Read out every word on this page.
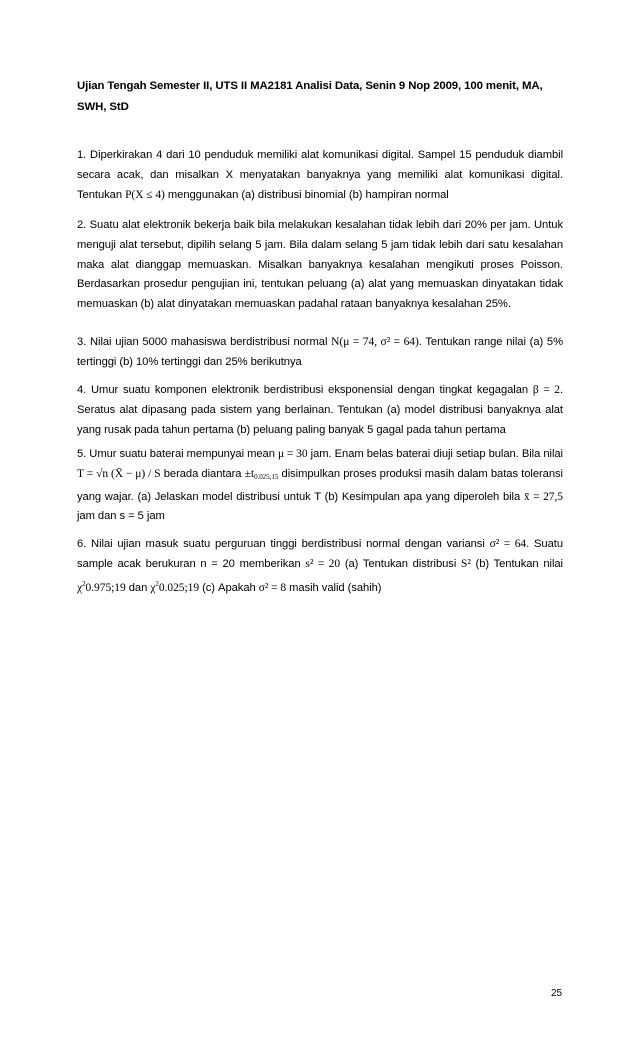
Ujian Tengah Semester II, UTS II MA2181 Analisi Data, Senin 9 Nop 2009, 100 menit, MA, SWH, StD
1. Diperkirakan 4 dari 10 penduduk memiliki alat komunikasi digital. Sampel 15 penduduk diambil secara acak, dan misalkan X menyatakan banyaknya yang memiliki alat komunikasi digital. Tentukan P(X ≤ 4) menggunakan (a) distribusi binomial (b) hampiran normal
2. Suatu alat elektronik bekerja baik bila melakukan kesalahan tidak lebih dari 20% per jam. Untuk menguji alat tersebut, dipilih selang 5 jam. Bila dalam selang 5 jam tidak lebih dari satu kesalahan maka alat dianggap memuaskan. Misalkan banyaknya kesalahan mengikuti proses Poisson. Berdasarkan prosedur pengujian ini, tentukan peluang (a) alat yang memuaskan dinyatakan tidak memuaskan (b) alat dinyatakan memuaskan padahal rataan banyaknya kesalahan 25%.
3. Nilai ujian 5000 mahasiswa berdistribusi normal N(μ = 74, σ² = 64). Tentukan range nilai (a) 5% tertinggi (b) 10% tertinggi dan 25% berikutnya
4. Umur suatu komponen elektronik berdistribusi eksponensial dengan tingkat kegagalan β = 2. Seratus alat dipasang pada sistem yang berlainan. Tentukan (a) model distribusi banyaknya alat yang rusak pada tahun pertama (b) peluang paling banyak 5 gagal pada tahun pertama
5. Umur suatu baterai mempunyai mean μ = 30 jam. Enam belas baterai diuji setiap bulan. Bila nilai T = √n (X̄ − μ) / S berada diantara $\pm t_{0.025;15}$ disimpulkan proses produksi masih dalam batas toleransi yang wajar. (a) Jelaskan model distribusi untuk T (b) Kesimpulan apa yang diperoleh bila x̄ = 27,5 jam dan s = 5 jam
6. Nilai ujian masuk suatu perguruan tinggi berdistribusi normal dengan variansi σ² = 64. Suatu sample acak berukuran n = 20 memberikan s² = 20 (a) Tentukan distribusi S² (b) Tentukan nilai $\chi^20.975;19$ dan $\chi^20.025;19$ (c) Apakah σ² = 8 masih valid (sahih)
25
